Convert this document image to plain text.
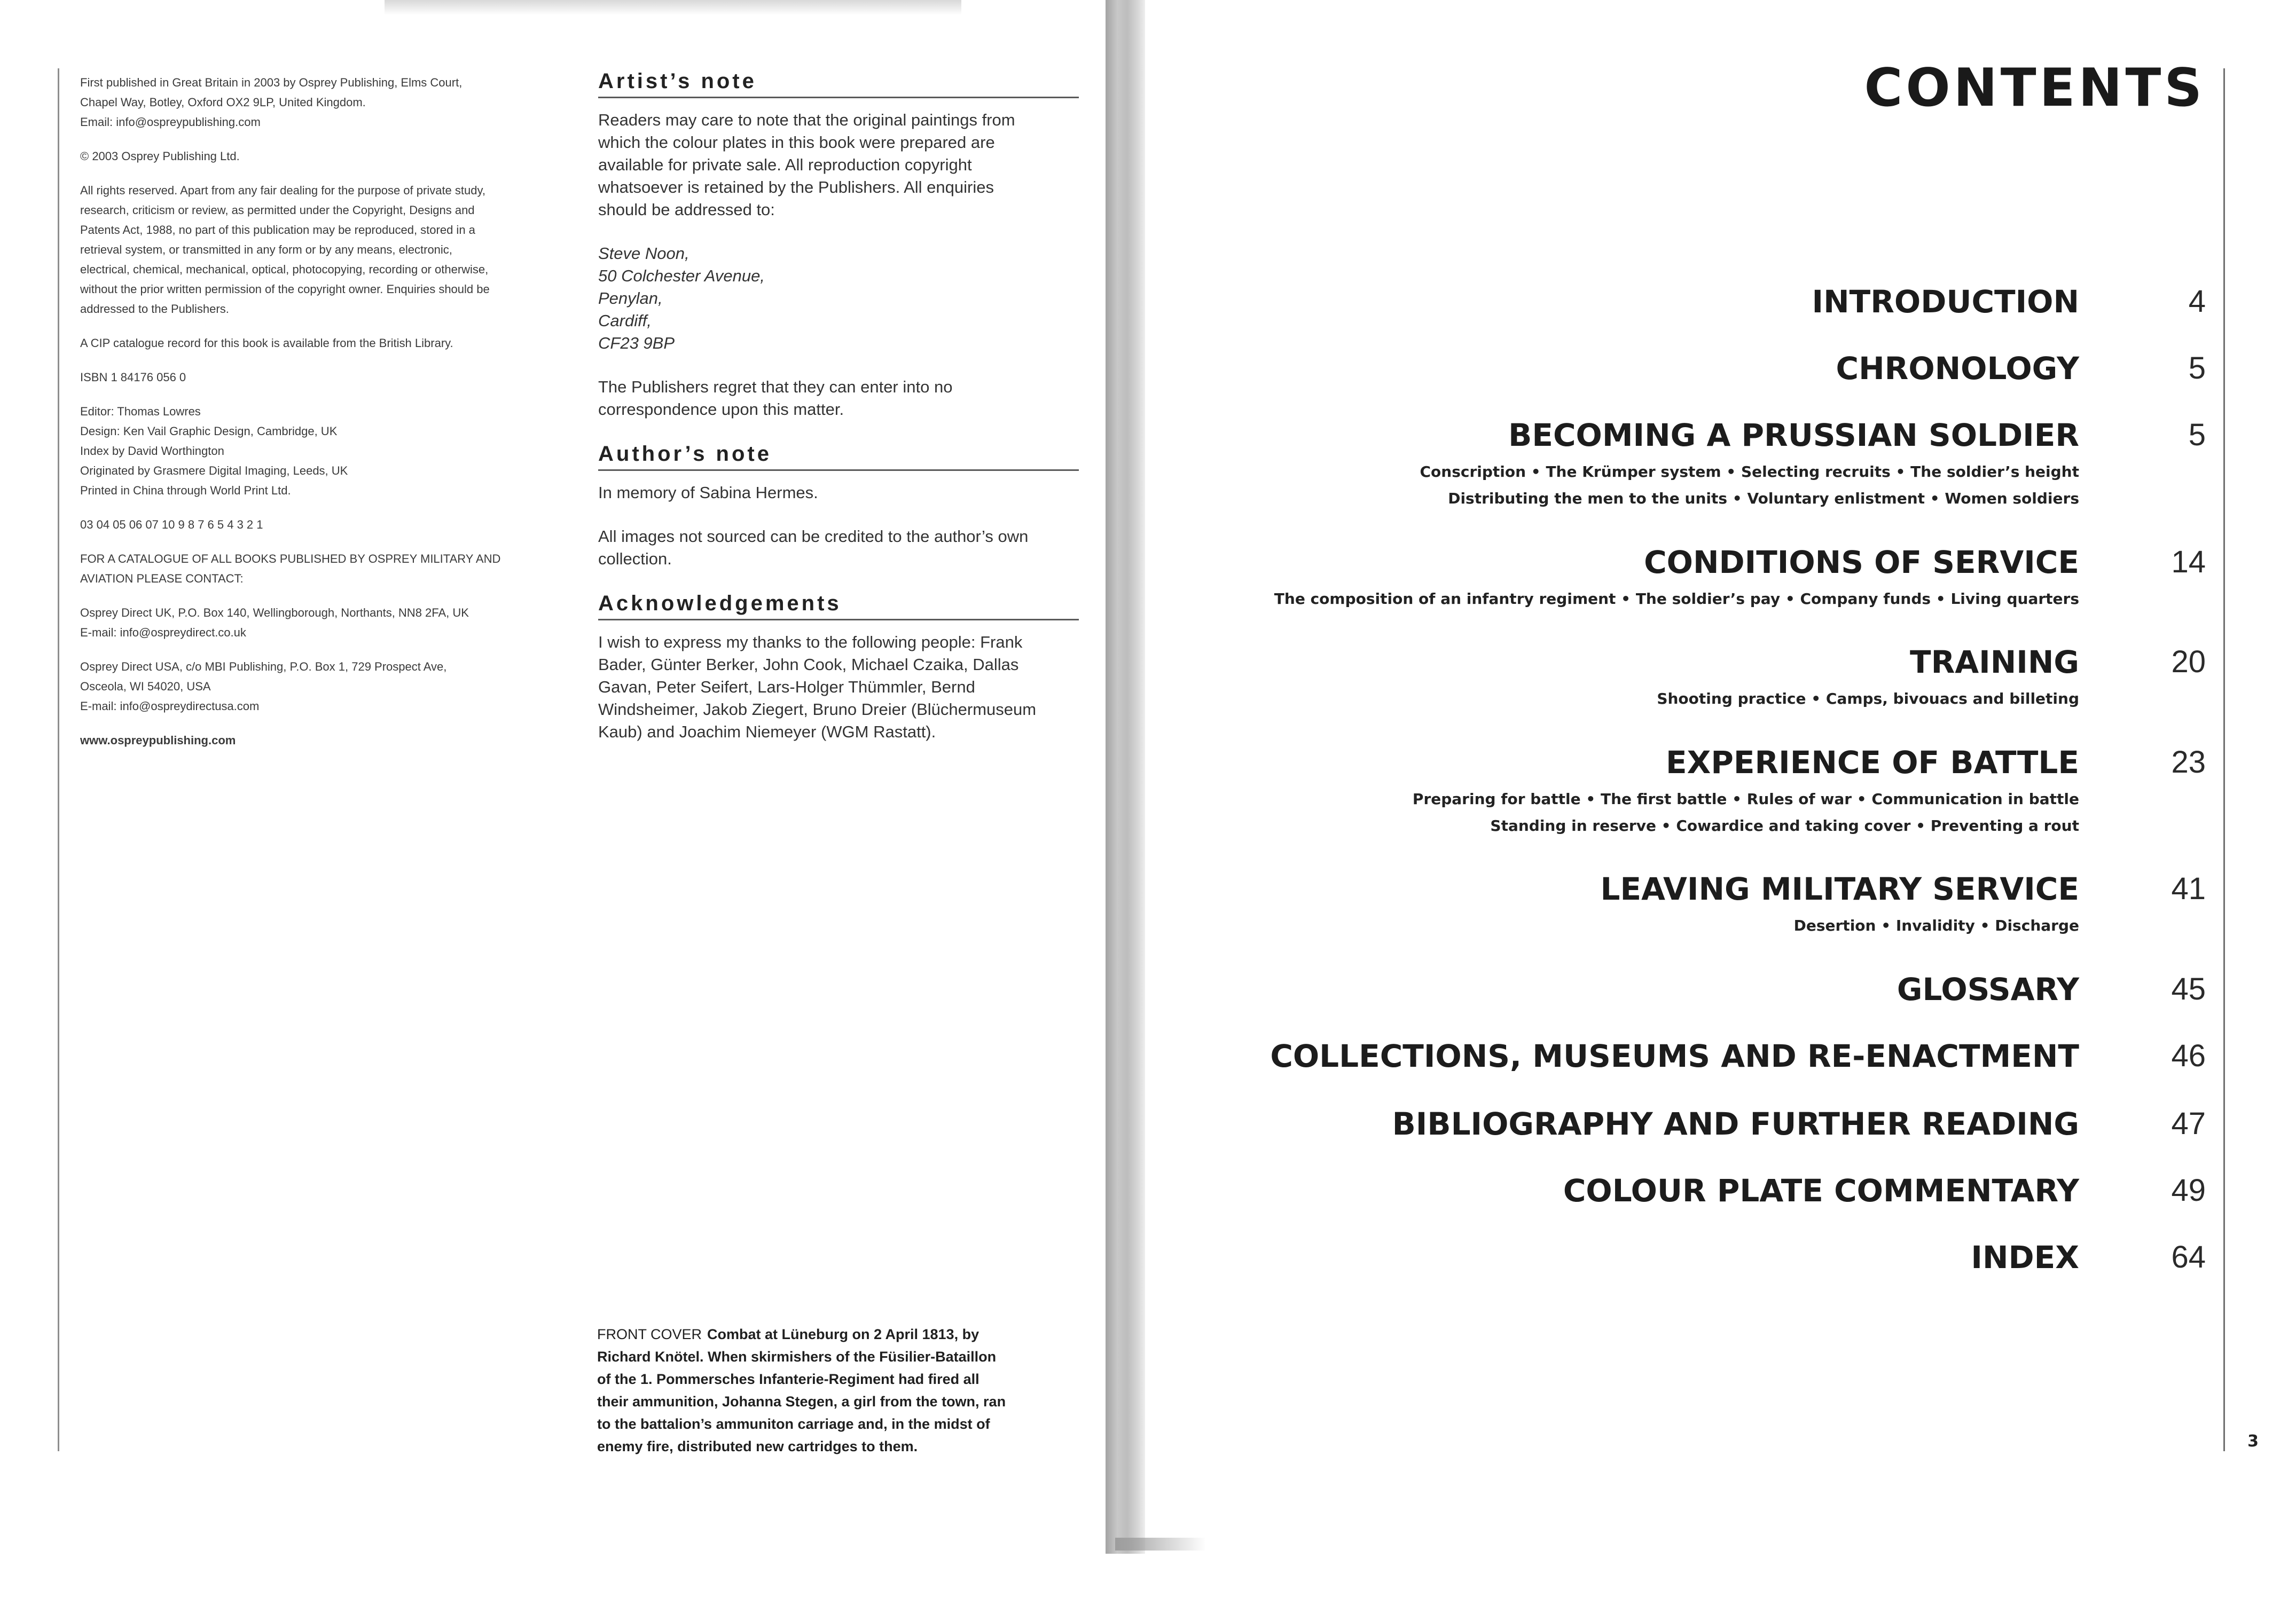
First published in Great Britain in 2003 by Osprey Publishing, Elms Court,
Chapel Way, Botley, Oxford OX2 9LP, United Kingdom.
Email: info@ospreypublishing.com

© 2003 Osprey Publishing Ltd.

All rights reserved. Apart from any fair dealing for the purpose of private study,
research, criticism or review, as permitted under the Copyright, Designs and
Patents Act, 1988, no part of this publication may be reproduced, stored in a
retrieval system, or transmitted in any form or by any means, electronic,
electrical, chemical, mechanical, optical, photocopying, recording or otherwise,
without the prior written permission of the copyright owner. Enquiries should be
addressed to the Publishers.

A CIP catalogue record for this book is available from the British Library.

ISBN 1 84176 056 0

Editor: Thomas Lowres
Design: Ken Vail Graphic Design, Cambridge, UK
Index by David Worthington
Originated by Grasmere Digital Imaging, Leeds, UK
Printed in China through World Print Ltd.

03 04 05 06 07 10 9 8 7 6 5 4 3 2 1

FOR A CATALOGUE OF ALL BOOKS PUBLISHED BY OSPREY MILITARY AND
AVIATION PLEASE CONTACT:

Osprey Direct UK, P.O. Box 140, Wellingborough, Northants, NN8 2FA, UK
E-mail: info@ospreydirect.co.uk

Osprey Direct USA, c/o MBI Publishing, P.O. Box 1, 729 Prospect Ave,
Osceola, WI 54020, USA
E-mail: info@ospreydirectusa.com

www.ospreypublishing.com

Artist’s note

Readers may care to note that the original paintings from
which the colour plates in this book were prepared are
available for private sale. All reproduction copyright
whatsoever is retained by the Publishers. All enquiries
should be addressed to:

Steve Noon,
50 Colchester Avenue,
Penylan,
Cardiff,
CF23 9BP

The Publishers regret that they can enter into no
correspondence upon this matter.

Author’s note

In memory of Sabina Hermes.

All images not sourced can be credited to the author’s own
collection.

Acknowledgements

I wish to express my thanks to the following people: Frank
Bader, Günter Berker, John Cook, Michael Czaika, Dallas
Gavan, Peter Seifert, Lars-Holger Thümmler, Bernd
Windsheimer, Jakob Ziegert, Bruno Dreier (Blüchermuseum
Kaub) and Joachim Niemeyer (WGM Rastatt).

FRONT COVER Combat at Lüneburg on 2 April 1813, by
Richard Knötel. When skirmishers of the Füsilier-Bataillon
of the 1. Pommersches Infanterie-Regiment had fired all
their ammunition, Johanna Stegen, a girl from the town, ran
to the battalion’s ammuniton carriage and, in the midst of
enemy fire, distributed new cartridges to them.
CONTENTS
INTRODUCTION	4
CHRONOLOGY	5
BECOMING A PRUSSIAN SOLDIER	5
Conscription • The Krümper system • Selecting recruits • The soldier’s height
Distributing the men to the units • Voluntary enlistment • Women soldiers
CONDITIONS OF SERVICE	14
The composition of an infantry regiment • The soldier’s pay • Company funds • Living quarters
TRAINING	20
Shooting practice • Camps, bivouacs and billeting
EXPERIENCE OF BATTLE	23
Preparing for battle • The first battle • Rules of war • Communication in battle
Standing in reserve • Cowardice and taking cover • Preventing a rout
LEAVING MILITARY SERVICE	41
Desertion • Invalidity • Discharge
GLOSSARY	45
COLLECTIONS, MUSEUMS AND RE-ENACTMENT	46
BIBLIOGRAPHY AND FURTHER READING	47
COLOUR PLATE COMMENTARY	49
INDEX	64
3
